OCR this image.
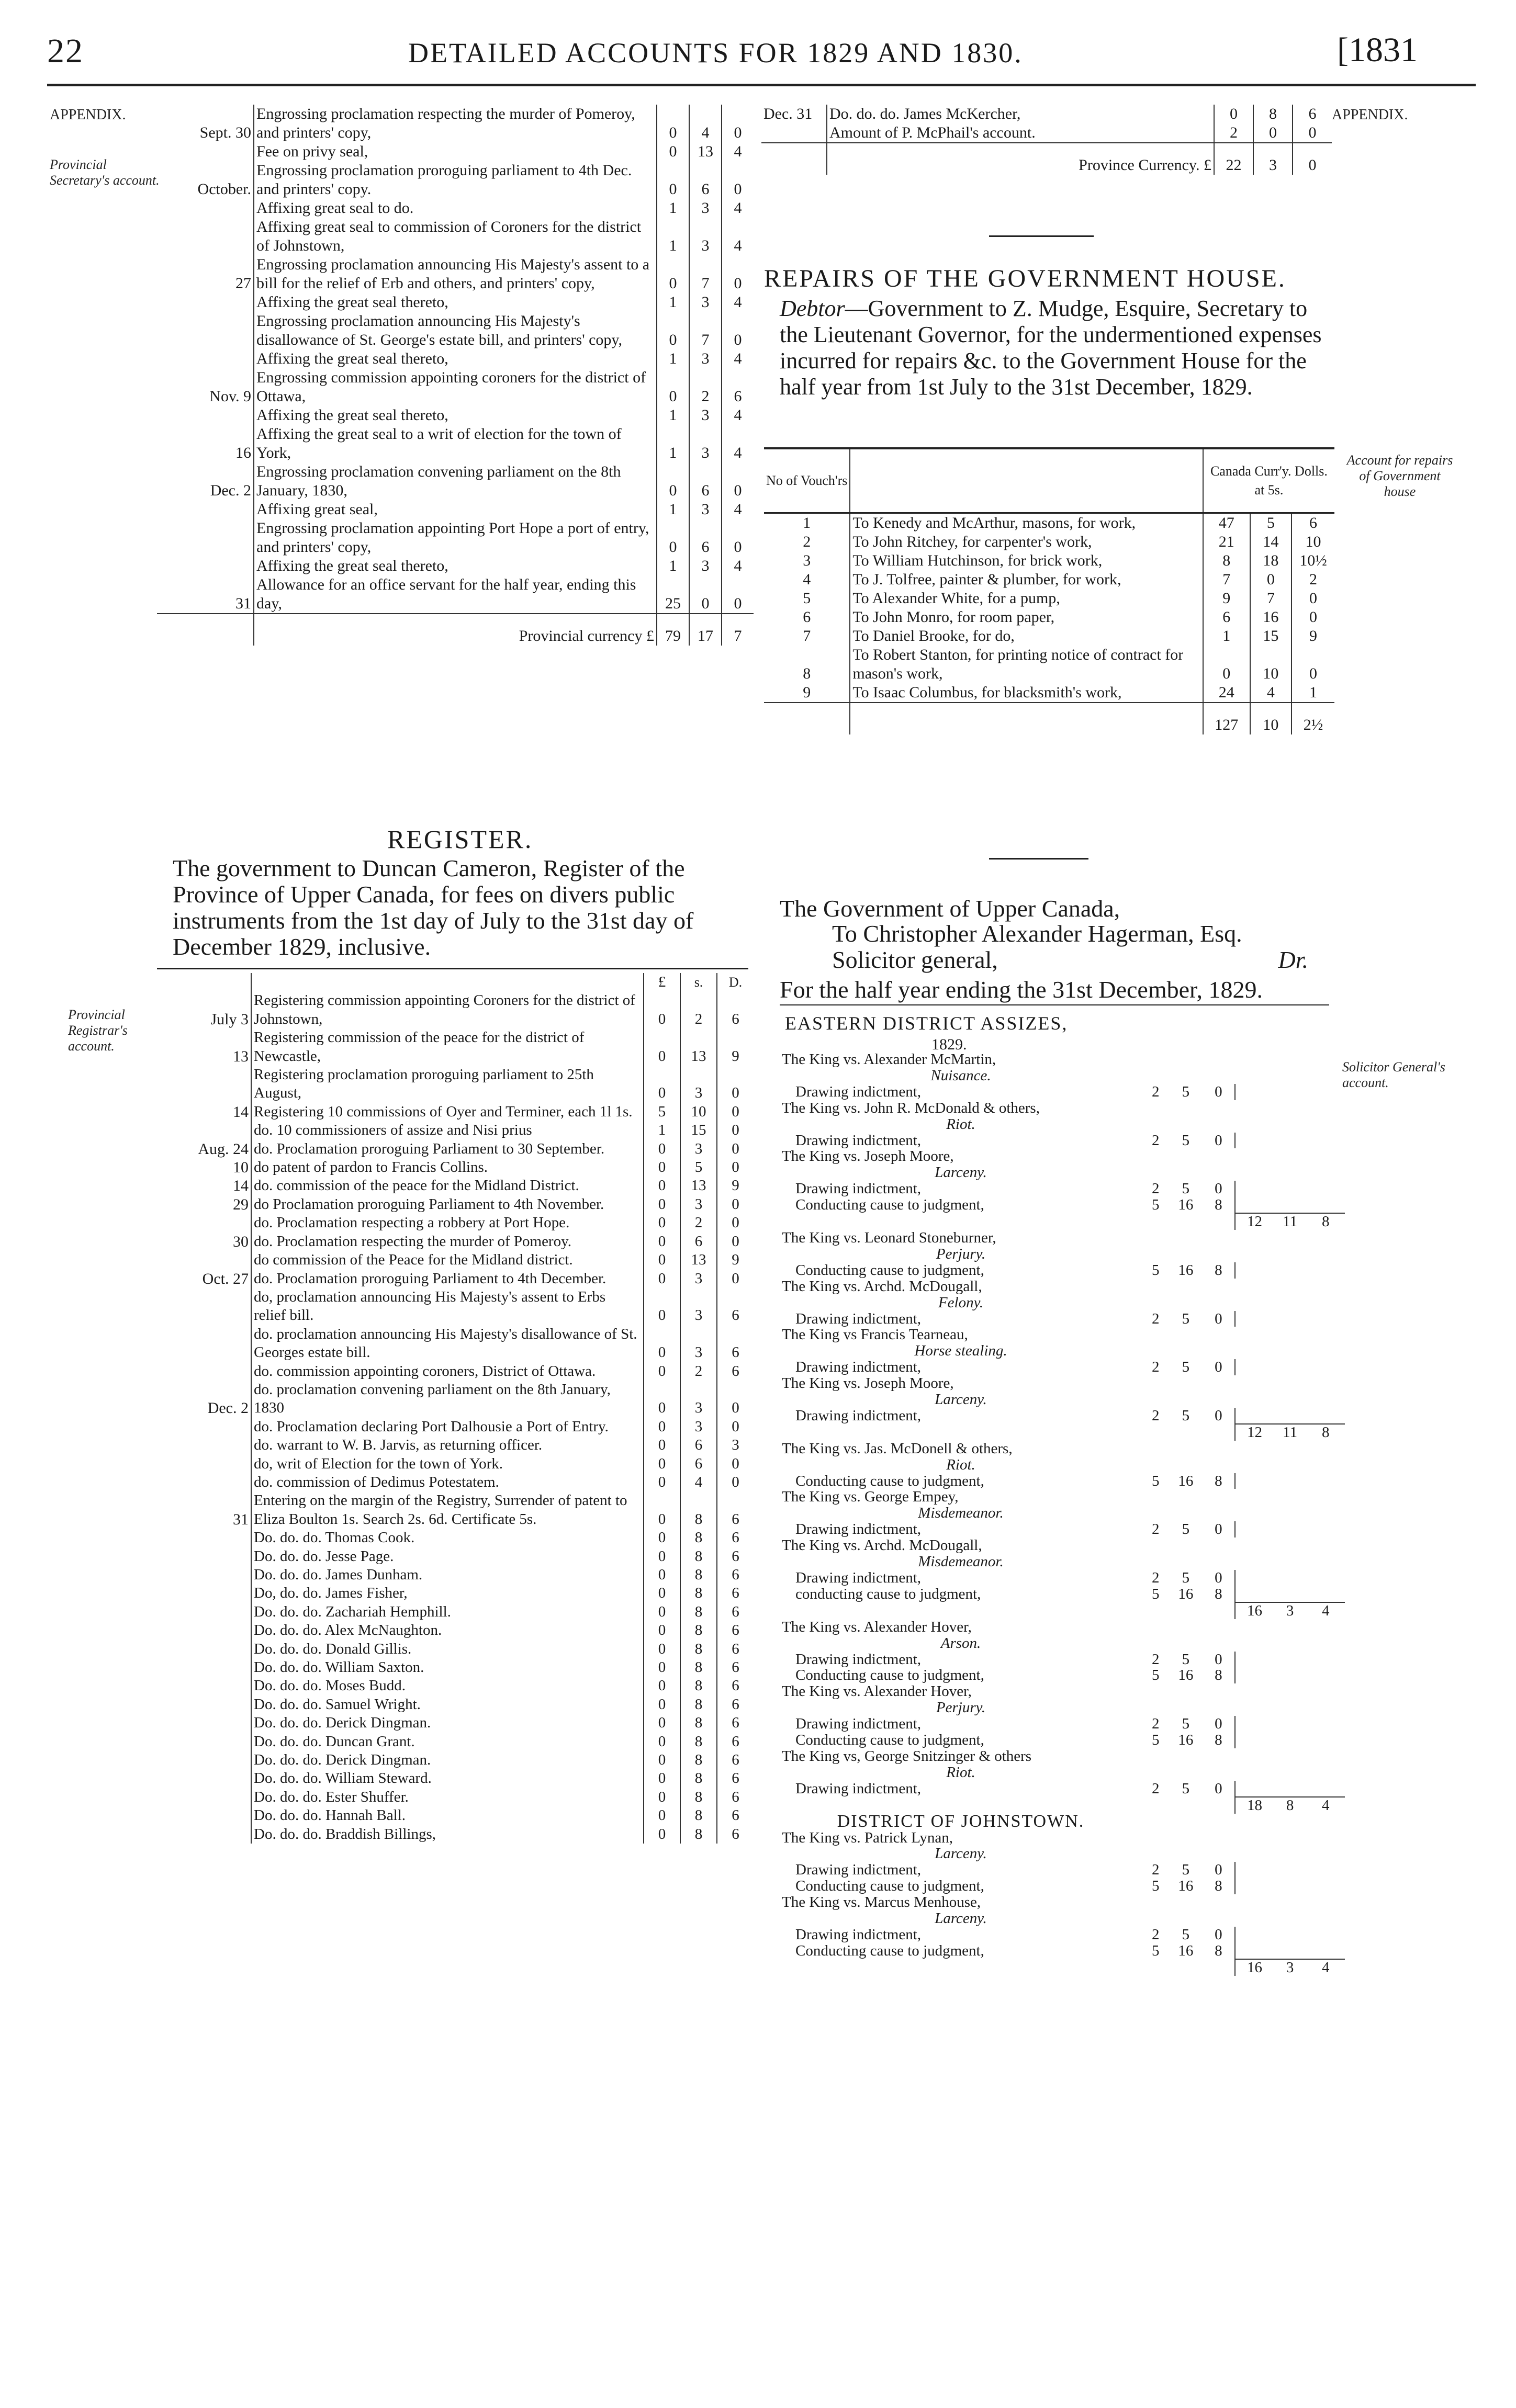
22	DETAILED ACCOUNTS FOR 1829 AND 1830.	[1831
APPENDIX.
Provincial Secretary's account.
APPENDIX.
Account for repairs of Government house
Provincial Registrar's account.
Solicitor General's account.
Sept. 30	Engrossing proclamation respecting the murder of Pomeroy, and printers' copy,	0	4	0
	Fee on privy seal,	0	13	4
October.	Engrossing proclamation proroguing parliament to 4th Dec. and printers' copy.	0	6	0
	Affixing great seal to do.	1	3	4
	Affixing great seal to commission of Coroners for the district of Johnstown,	1	3	4
27	Engrossing proclamation announcing His Majesty's assent to a bill for the relief of Erb and others, and printers' copy,	0	7	0
	Affixing the great seal thereto,	1	3	4
	Engrossing proclamation announcing His Majesty's disallowance of St. George's estate bill, and printers' copy,	0	7	0
	Affixing the great seal thereto,	1	3	4
Nov. 9	Engrossing commission appointing coroners for the district of Ottawa,	0	2	6
	Affixing the great seal thereto,	1	3	4
16	Affixing the great seal to a writ of election for the town of York,	1	3	4
Dec. 2	Engrossing proclamation convening parliament on the 8th January, 1830,	0	6	0
	Affixing great seal,	1	3	4
	Engrossing proclamation appointing Port Hope a port of entry, and printers' copy,	0	6	0
	Affixing the great seal thereto,	1	3	4
31	Allowance for an office servant for the half year, ending this day,	25	0	0
	Provincial currency £	79	17	7
Dec. 31	Do. do. do. James McKercher,	0	8	6
	Amount of P. McPhail's account.	2	0	0
	Province Currency. £	22	3	0
REPAIRS OF THE GOVERNMENT HOUSE.

Debtor—Government to Z. Mudge, Esquire, Secretary to the Lieutenant Governor, for the undermentioned expenses incurred for repairs &c. to the Government House for the half year from 1st July to the 31st December, 1829.

No of Vouch'rs		Canada Curr'y. Dolls. at 5s.		
1	To Kenedy and McArthur, masons, for work,	47	5	6
2	To John Ritchey, for carpenter's work,	21	14	10
3	To William Hutchinson, for brick work,	8	18	10½
4	To J. Tolfree, painter & plumber, for work,	7	0	2
5	To Alexander White, for a pump,	9	7	0
6	To John Monro, for room paper,	6	16	0
7	To Daniel Brooke, for do,	1	15	9
8	To Robert Stanton, for printing notice of contract for mason's work,	0	10	0
9	To Isaac Columbus, for blacksmith's work,	24	4	1
		127	10	2½
REGISTER.

The government to Duncan Cameron, Register of the Province of Upper Canada, for fees on divers public instruments from the 1st day of July to the 31st day of December 1829, inclusive.

		£	s.	D.
July 3	Registering commission appointing Coroners for the district of Johnstown,	0	2	6
13	Registering commission of the peace for the district of Newcastle,	0	13	9
	Registering proclamation proroguing parliament to 25th August,	0	3	0
14	Registering 10 commissions of Oyer and Terminer, each 1l 1s.	5	10	0
	do. 10 commissioners of assize and Nisi prius	1	15	0
Aug. 24	do. Proclamation proroguing Parliament to 30 September.	0	3	0
10	do patent of pardon to Francis Collins.	0	5	0
14	do. commission of the peace for the Midland District.	0	13	9
29	do Proclamation proroguing Parliament to 4th November.	0	3	0
	do. Proclamation respecting a robbery at Port Hope.	0	2	0
30	do. Proclamation respecting the murder of Pomeroy.	0	6	0
	do commission of the Peace for the Midland district.	0	13	9
Oct. 27	do. Proclamation proroguing Parliament to 4th December.	0	3	0
	do, proclamation announcing His Majesty's assent to Erbs relief bill.	0	3	6
	do. proclamation announcing His Majesty's disallowance of St. Georges estate bill.	0	3	6
	do. commission appointing coroners, District of Ottawa.	0	2	6
Dec. 2	do. proclamation convening parliament on the 8th January, 1830	0	3	0
	do. Proclamation declaring Port Dalhousie a Port of Entry.	0	3	0
	do. warrant to W. B. Jarvis, as returning officer.	0	6	3
	do, writ of Election for the town of York.	0	6	0
	do. commission of Dedimus Potestatem.	0	4	0
31	Entering on the margin of the Registry, Surrender of patent to Eliza Boulton 1s. Search 2s. 6d. Certificate 5s.	0	8	6
	Do. do. do. Thomas Cook.	0	8	6
	Do. do. do. Jesse Page.	0	8	6
	Do. do. do. James Dunham.	0	8	6
	Do, do. do. James Fisher,	0	8	6
	Do. do. do. Zachariah Hemphill.	0	8	6
	Do. do. do. Alex McNaughton.	0	8	6
	Do. do. do. Donald Gillis.	0	8	6
	Do. do. do. William Saxton.	0	8	6
	Do. do. do. Moses Budd.	0	8	6
	Do. do. do. Samuel Wright.	0	8	6
	Do. do. do. Derick Dingman.	0	8	6
	Do. do. do. Duncan Grant.	0	8	6
	Do. do. do. Derick Dingman.	0	8	6
	Do. do. do. William Steward.	0	8	6
	Do. do. do. Ester Shuffer.	0	8	6
	Do. do. do. Hannah Ball.	0	8	6
	Do. do. do. Braddish Billings,	0	8	6
The Government of Upper Canada,
To Christopher Alexander Hagerman, Esq. Solicitor general,	Dr.
For the half year ending the 31st December, 1829.
EASTERN DISTRICT ASSIZES,
1829.
The King vs. Alexander McMartin,						
Nuisance.						
Drawing indictment,	2	5	0			
The King vs. John R. McDonald & others,						
Riot.						
Drawing indictment,	2	5	0			
The King vs. Joseph Moore,						
Larceny.						
Drawing indictment,	2	5	0			
Conducting cause to judgment,	5	16	8			
				12	11	8
The King vs. Leonard Stoneburner,						
Perjury.						
Conducting cause to judgment,	5	16	8			
The King vs. Archd. McDougall,						
Felony.						
Drawing indictment,	2	5	0			
The King vs Francis Tearneau,						
Horse stealing.						
Drawing indictment,	2	5	0			
The King vs. Joseph Moore,						
Larceny.						
Drawing indictment,	2	5	0			
				12	11	8
The King vs. Jas. McDonell & others,						
Riot.						
Conducting cause to judgment,	5	16	8			
The King vs. George Empey,						
Misdemeanor.						
Drawing indictment,	2	5	0			
The King vs. Archd. McDougall,						
Misdemeanor.						
Drawing indictment,	2	5	0			
conducting cause to judgment,	5	16	8			
				16	3	4
The King vs. Alexander Hover,						
Arson.						
Drawing indictment,	2	5	0			
Conducting cause to judgment,	5	16	8			
The King vs. Alexander Hover,						
Perjury.						
Drawing indictment,	2	5	0			
Conducting cause to judgment,	5	16	8			
The King vs, George Snitzinger & others						
Riot.						
Drawing indictment,	2	5	0			
				18	8	4
DISTRICT OF JOHNSTOWN.						
The King vs. Patrick Lynan,						
Larceny.						
Drawing indictment,	2	5	0			
Conducting cause to judgment,	5	16	8			
The King vs. Marcus Menhouse,						
Larceny.						
Drawing indictment,	2	5	0			
Conducting cause to judgment,	5	16	8			
				16	3	4
